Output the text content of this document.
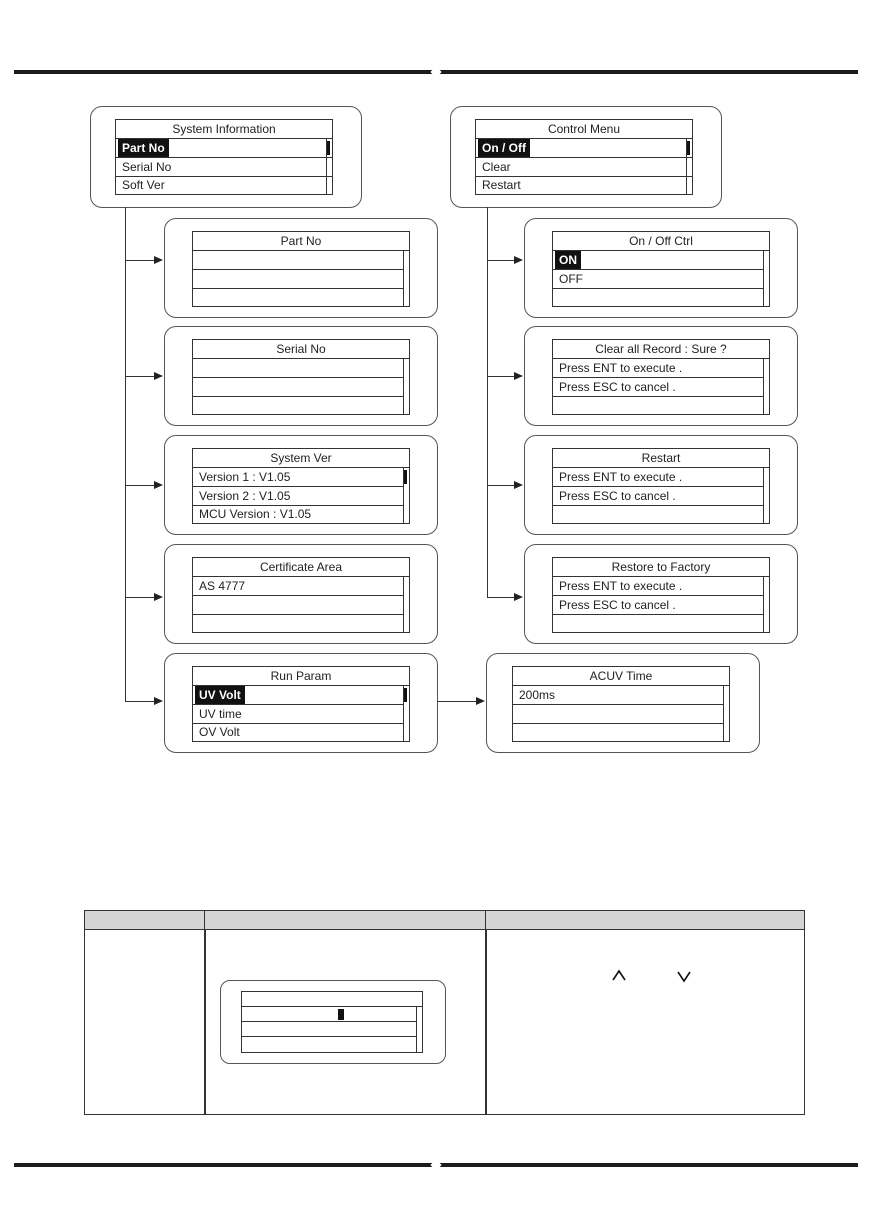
System Information
Part No
Serial No
Soft Ver
Part No
Serial No
System Ver
Version 1 : V1.05
Version 2 : V1.05
MCU Version : V1.05
Certificate Area
AS 4777
Run Param
UV Volt
UV time
OV Volt
ACUV Time
200ms
Control Menu
On / Off
Clear
Restart
On / Off Ctrl
ON
OFF
Clear all Record : Sure ?
Press ENT to execute .
Press ESC to cancel .
Restart
Press ENT to execute .
Press ESC to cancel .
Restore to Factory
Press ENT to execute .
Press ESC to cancel .
